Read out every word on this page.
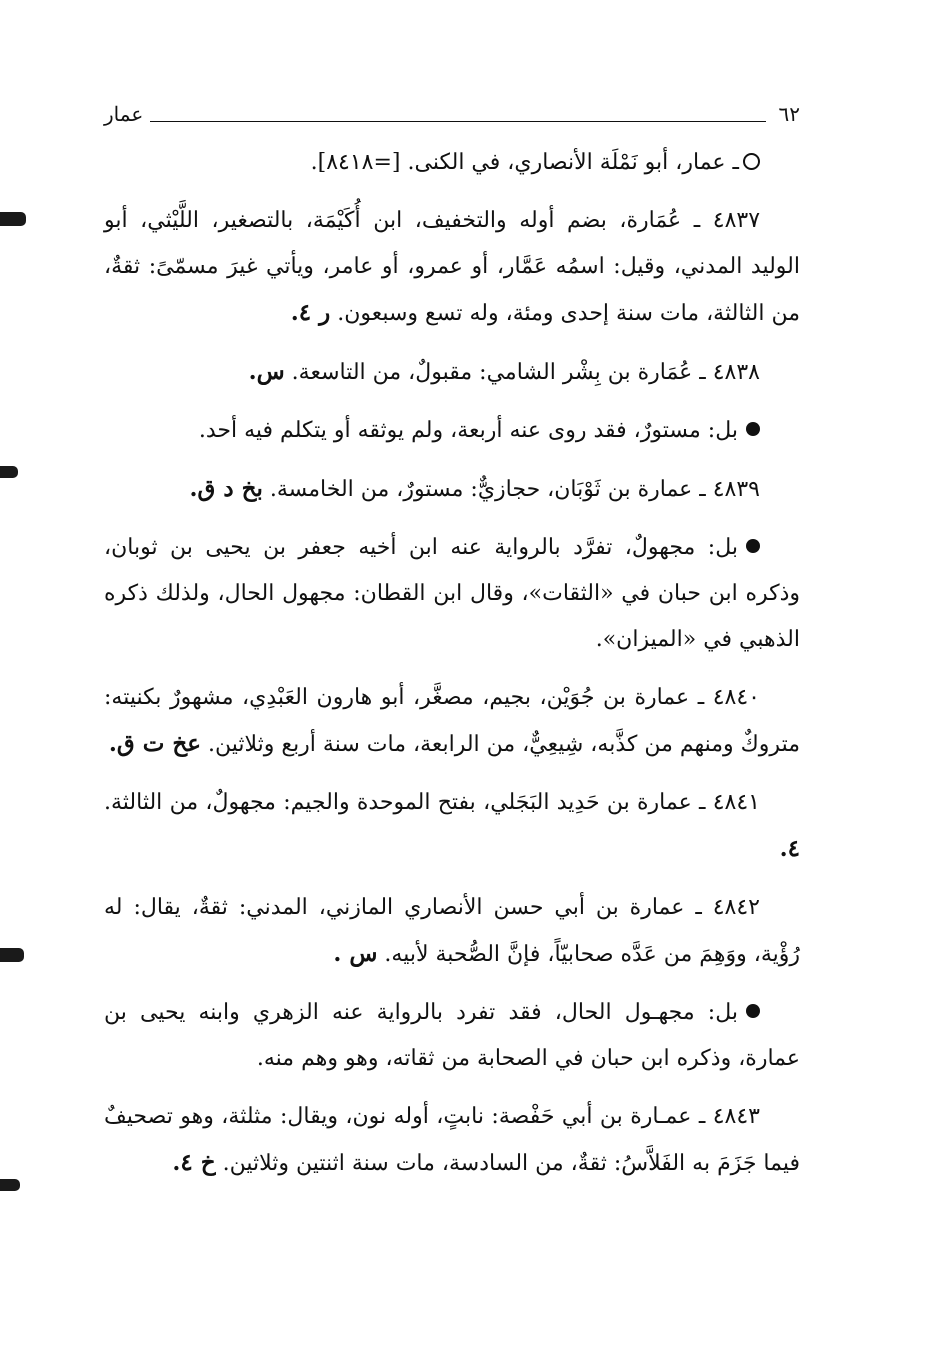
٦٢
عمار

ـ عمار، أبو نَمْلَة الأنصاري، في الكنى. [=٨٤١٨].

٤٨٣٧ ـ عُمَارة، بضم أوله والتخفيف، ابن أُكَيْمَة، بالتصغير، اللَّيْثي، أبو الوليد المدني، وقيل: اسمُه عَمَّار، أو عمرو، أو عامر، ويأتي غيرَ مسمّىً: ثقةٌ، من الثالثة، مات سنة إحدى ومئة، وله تسع وسبعون. ر ٤.

٤٨٣٨ ـ عُمَارة بن بِشْر الشامي: مقبولٌ، من التاسعة. س.

بل: مستورٌ، فقد روى عنه أربعة، ولم يوثقه أو يتكلم فيه أحد.

٤٨٣٩ ـ عمارة بن ثَوْبَان، حجازيٌّ: مستورٌ، من الخامسة. بخ د ق.

بل: مجهولٌ، تفرَّد بالرواية عنه ابن أخيه جعفر بن يحيى بن ثوبان، وذكره ابن حبان في «الثقات»، وقال ابن القطان: مجهول الحال، ولذلك ذكره الذهبي في «الميزان».

٤٨٤٠ ـ عمارة بن جُوَيْن، بجيم، مصغَّر، أبو هارون العَبْدِي، مشهورٌ بكنيته: متروكٌ ومنهم من كذَّبه، شِيعِيٌّ، من الرابعة، مات سنة أربع وثلاثين. عخ ت ق.

٤٨٤١ ـ عمارة بن حَدِيد البَجَلي، بفتح الموحدة والجيم: مجهولٌ، من الثالثة. ٤.

٤٨٤٢ ـ عمارة بن أبي حسن الأنصاري المازني، المدني: ثقةٌ، يقال: له رُؤْية، ووَهِمَ من عَدَّه صحابيّاً، فإنَّ الصُّحبة لأبيه. س .

بل: مجهـول الحال، فقد تفرد بالرواية عنه الزهري وابنه يحيى بن عمارة، وذكره ابن حبان في الصحابة من ثقاته، وهو وهم منه.

٤٨٤٣ ـ عمـارة بن أبي حَفْصة: نابتٍ، أوله نون، ويقال: مثلثة، وهو تصحيفٌ فيما جَزَمَ به الفَلاَّسُ: ثقةٌ، من السادسة، مات سنة اثنتين وثلاثين. خ ٤.
